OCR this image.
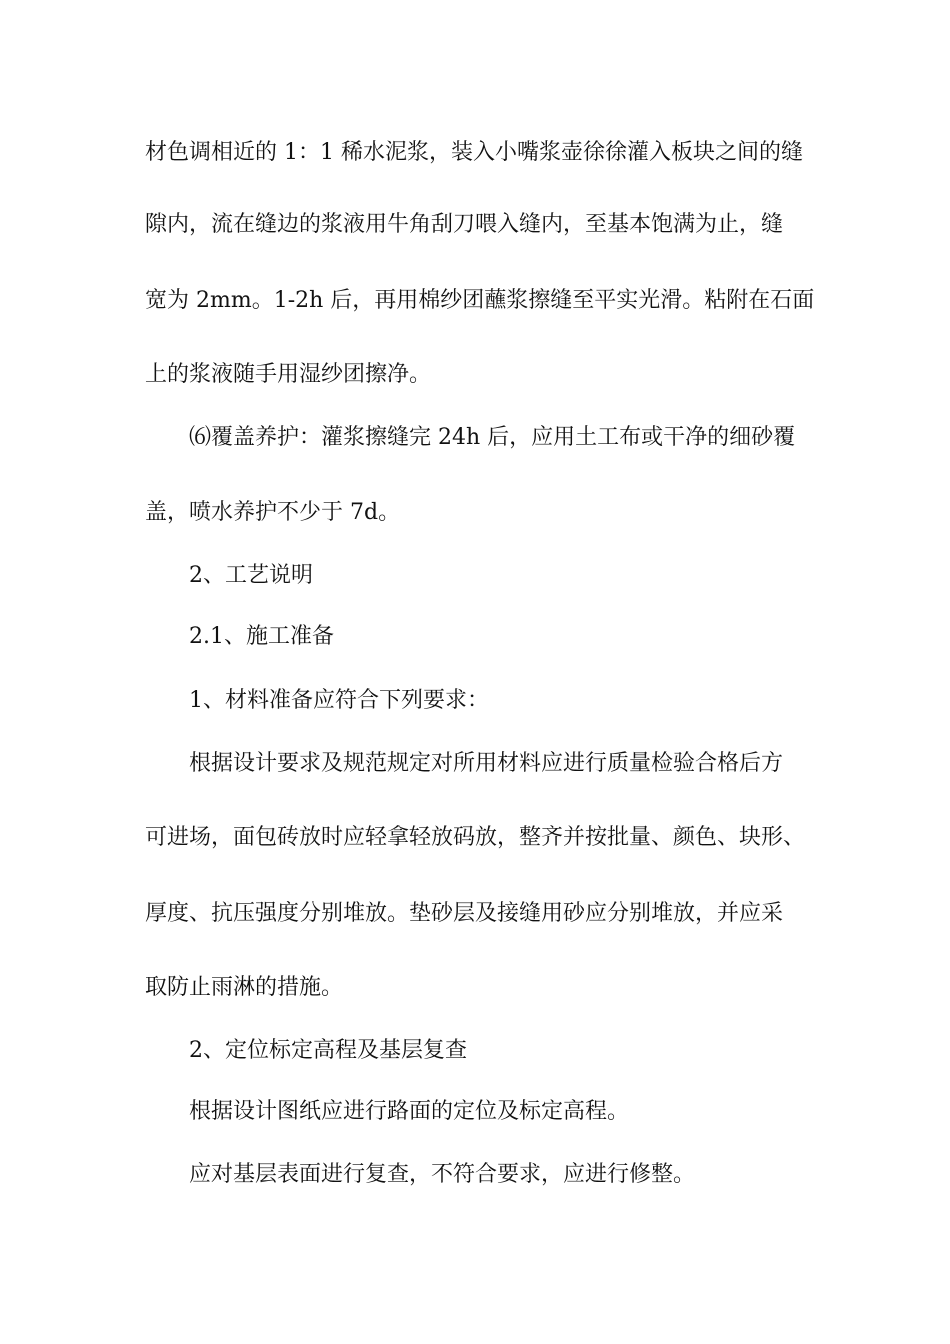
材色调相近的 1：1 稀水泥浆，装入小嘴浆壶徐徐灌入板块之间的缝
隙内，流在缝边的浆液用牛角刮刀喂入缝内，至基本饱满为止，缝
宽为 2mm。1-2h 后，再用棉纱团蘸浆擦缝至平实光滑。粘附在石面
上的浆液随手用湿纱团擦净。
⑹覆盖养护：灌浆擦缝完 24h 后，应用土工布或干净的细砂覆
盖，喷水养护不少于 7d。
2、工艺说明
2.1、施工准备
1、材料准备应符合下列要求：
根据设计要求及规范规定对所用材料应进行质量检验合格后方
可进场，面包砖放时应轻拿轻放码放，整齐并按批量、颜色、块形、
厚度、抗压强度分别堆放。垫砂层及接缝用砂应分别堆放，并应采
取防止雨淋的措施。
2、定位标定高程及基层复查
根据设计图纸应进行路面的定位及标定高程。
应对基层表面进行复查，不符合要求，应进行修整。
